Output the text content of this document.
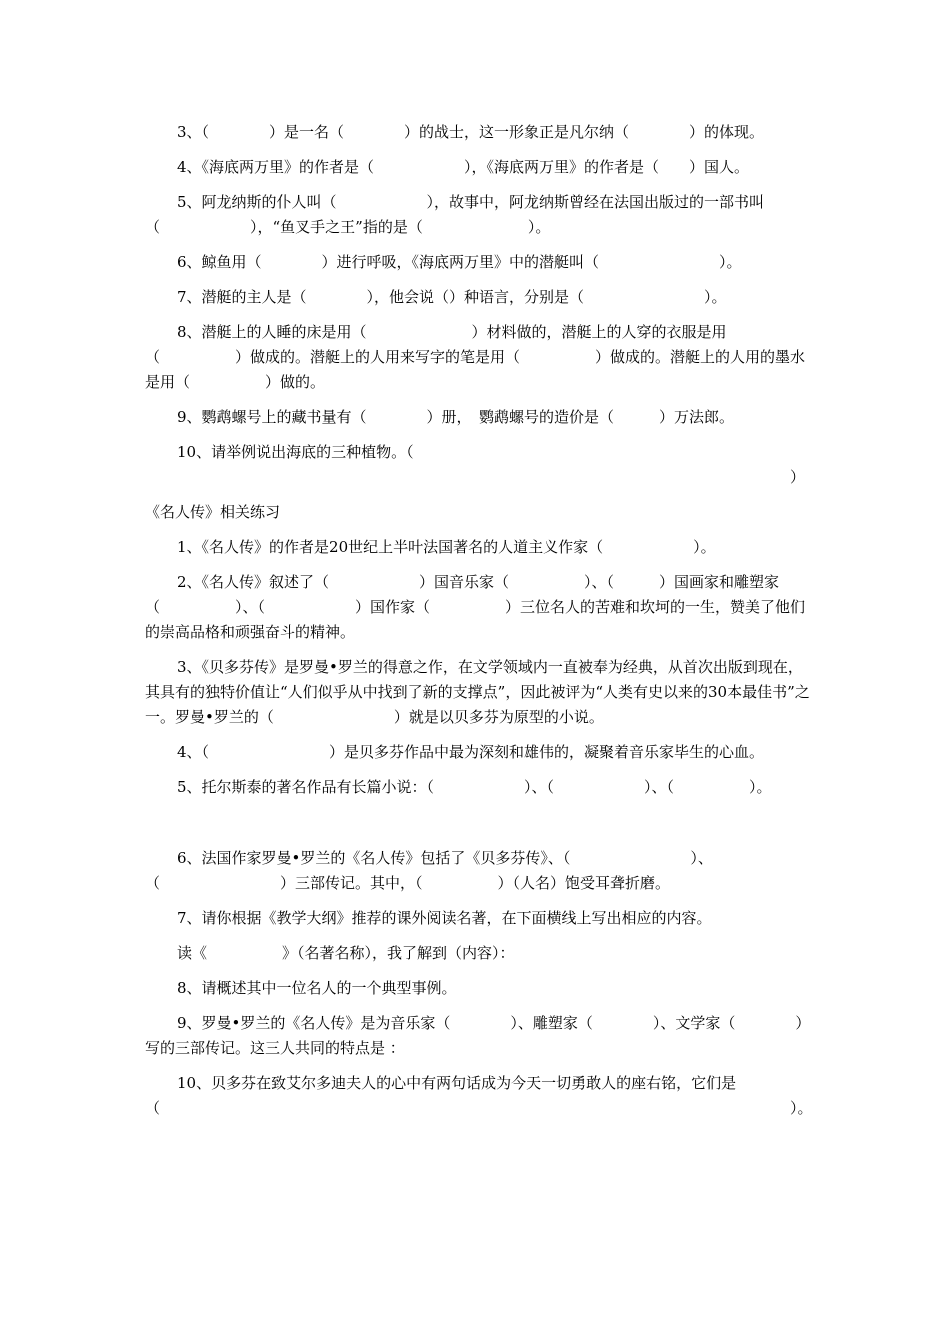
3、（　　　　）是一名（　　　　）的战士，这一形象正是凡尔纳（　　　　）的体现。

4、《海底两万里》的作者是（　　　　　　），《海底两万里》的作者是（　　）国人。

5、阿龙纳斯的仆人叫（　　　　　　），故事中，阿龙纳斯曾经在法国出版过的一部书叫（　　　　　　），“鱼叉手之王”指的是（　　　　　　　）。

6、鲸鱼用（　　　　）进行呼吸，《海底两万里》中的潜艇叫（　　　　　　　　）。

7、潜艇的主人是（　　　　），他会说（）种语言，分别是（　　　　　　　　）。

8、潜艇上的人睡的床是用（　　　　　　　）材料做的，潜艇上的人穿的衣服是用（　　　　　）做成的。潜艇上的人用来写字的笔是用（　　　　　）做成的。潜艇上的人用的墨水是用（　　　　　）做的。

9、鹦鹉螺号上的藏书量有（　　　　）册，　鹦鹉螺号的造价是（　　　）万法郎。

10、请举例说出海底的三种植物。（
　　　　　　　　　　　　　　　　　　　　　　　　　　　　　　　　　　　　　　　　　　　）

《名人传》相关练习

1、《名人传》的作者是20世纪上半叶法国著名的人道主义作家（　　　　　　）。

2、《名人传》叙述了（　　　　　　）国音乐家（　　　　　）、（　　　）国画家和雕塑家（　　　　　）、（　　　　　　）国作家（　　　　　）三位名人的苦难和坎坷的一生，赞美了他们的崇高品格和顽强奋斗的精神。

3、《贝多芬传》是罗曼•罗兰的得意之作，在文学领域内一直被奉为经典，从首次出版到现在，其具有的独特价值让“人们似乎从中找到了新的支撑点”，因此被评为“人类有史以来的30本最佳书”之一。罗曼•罗兰的（　　　　　　　　）就是以贝多芬为原型的小说。

4、（　　　　　　　　）是贝多芬作品中最为深刻和雄伟的，凝聚着音乐家毕生的心血。

5、托尔斯泰的著名作品有长篇小说：（　　　　　　）、（　　　　　　）、（　　　　　）。

6、法国作家罗曼•罗兰的《名人传》包括了《贝多芬传》、（　　　　　　　　）、（　　　　　　　　）三部传记。其中，（　　　　　）（人名）饱受耳聋折磨。

7、请你根据《教学大纲》推荐的课外阅读名著，在下面横线上写出相应的内容。

读《　　　　　》（名著名称），我了解到（内容）：

8、请概述其中一位名人的一个典型事例。

9、罗曼•罗兰的《名人传》是为音乐家（　　　　）、雕塑家（　　　　）、文学家（　　　　）写的三部传记。这三人共同的特点是 ：

10、贝多芬在致艾尔多迪夫人的心中有两句话成为今天一切勇敢人的座右铭，它们是（　　　　　　　　　　　　　　　　　　　　　　　　　　　　　　　　　　　　　　　　　　）。
